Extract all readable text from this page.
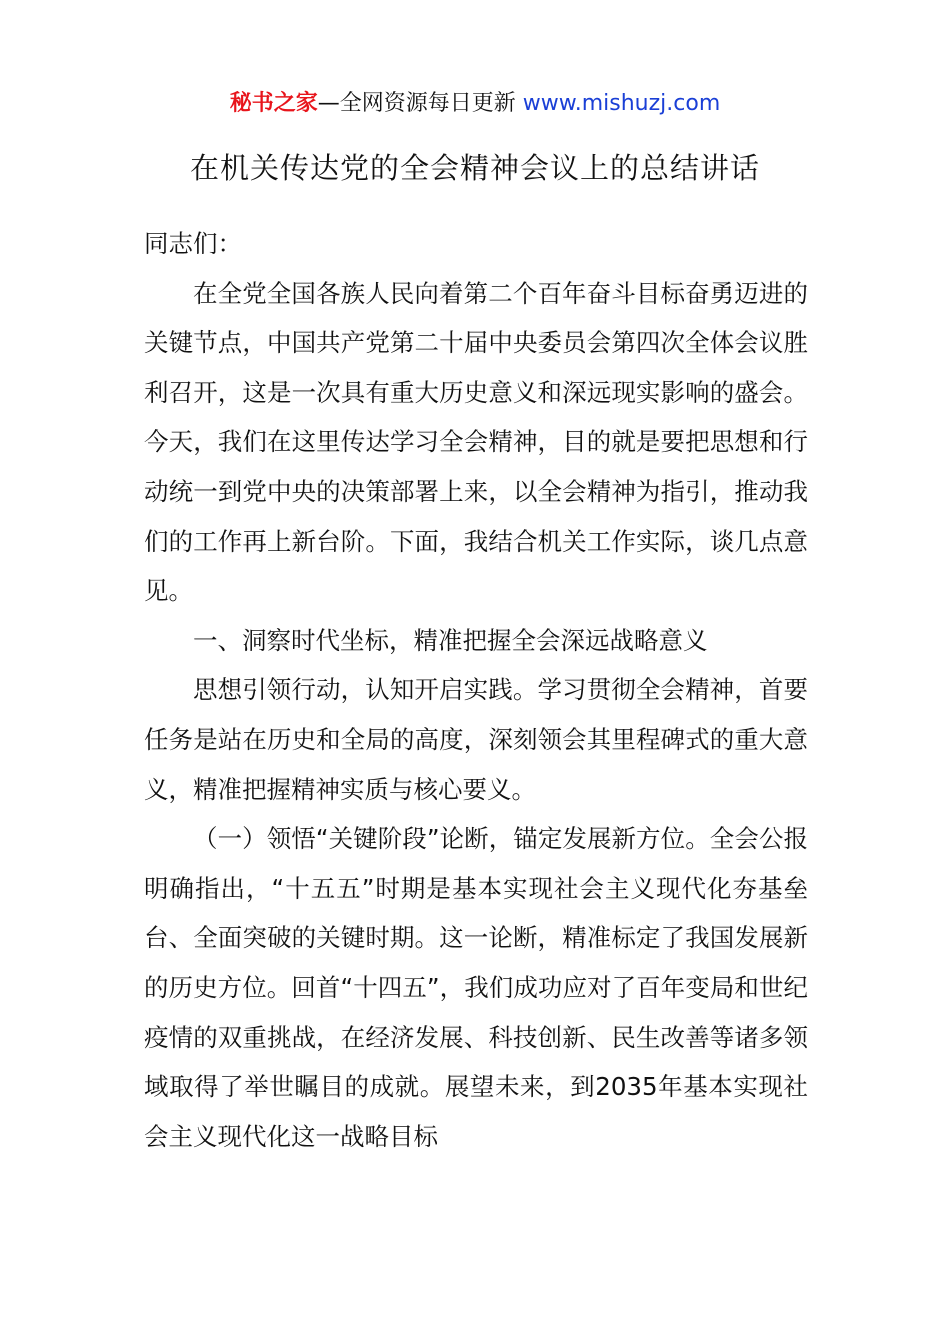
秘书之家—全网资源每日更新 www.mishuzj.com
在机关传达党的全会精神会议上的总结讲话

同志们：

在全党全国各族人民向着第二个百年奋斗目标奋勇迈进的关键节点，中国共产党第二十届中央委员会第四次全体会议胜利召开，这是一次具有重大历史意义和深远现实影响的盛会。今天，我们在这里传达学习全会精神，目的就是要把思想和行动统一到党中央的决策部署上来，以全会精神为指引，推动我们的工作再上新台阶。下面，我结合机关工作实际，谈几点意见。

一、洞察时代坐标，精准把握全会深远战略意义

思想引领行动，认知开启实践。学习贯彻全会精神，首要任务是站在历史和全局的高度，深刻领会其里程碑式的重大意义，精准把握精神实质与核心要义。

（一）领悟“关键阶段”论断，锚定发展新方位。全会公报明确指出，“十五五”时期是基本实现社会主义现代化夯基垒台、全面突破的关键时期。这一论断，精准标定了我国发展新的历史方位。回首“十四五”，我们成功应对了百年变局和世纪疫情的双重挑战，在经济发展、科技创新、民生改善等诸多领域取得了举世瞩目的成就。展望未来，到2035年基本实现社会主义现代化这一战略目标
